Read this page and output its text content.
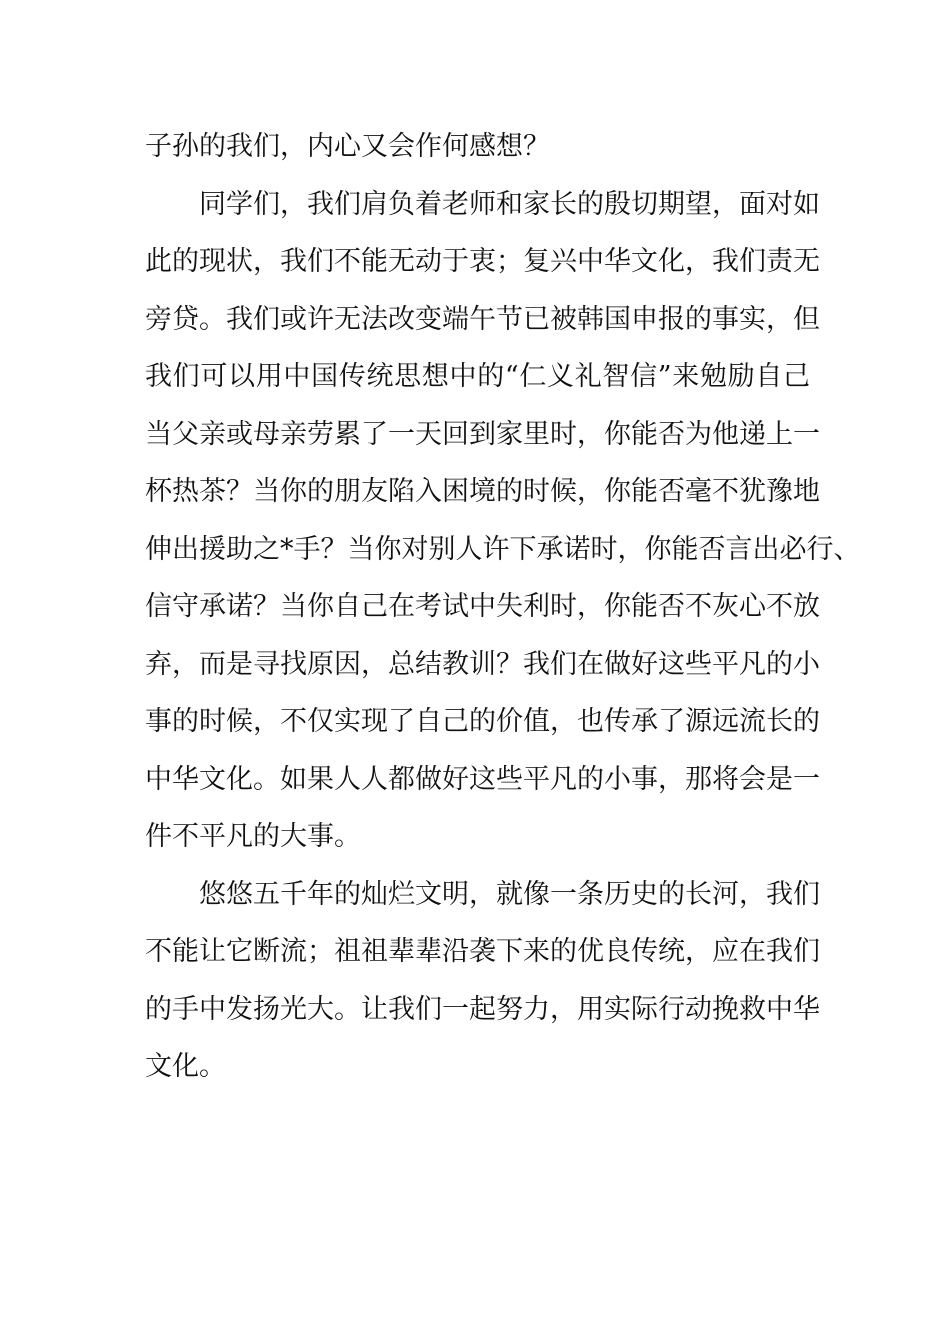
子孙的我们，内心又会作何感想？
同学们，我们肩负着老师和家长的殷切期望，面对如
此的现状，我们不能无动于衷；复兴中华文化，我们责无
旁贷。我们或许无法改变端午节已被韩国申报的事实，但
我们可以用中国传统思想中的“仁义礼智信”来勉励自己
当父亲或母亲劳累了一天回到家里时，你能否为他递上一
杯热茶？当你的朋友陷入困境的时候，你能否毫不犹豫地
伸出援助之*手？当你对别人许下承诺时，你能否言出必行、
信守承诺？当你自己在考试中失利时，你能否不灰心不放
弃，而是寻找原因，总结教训？我们在做好这些平凡的小
事的时候，不仅实现了自己的价值，也传承了源远流长的
中华文化。如果人人都做好这些平凡的小事，那将会是一
件不平凡的大事。
悠悠五千年的灿烂文明，就像一条历史的长河，我们
不能让它断流；祖祖辈辈沿袭下来的优良传统，应在我们
的手中发扬光大。让我们一起努力，用实际行动挽救中华
文化。
